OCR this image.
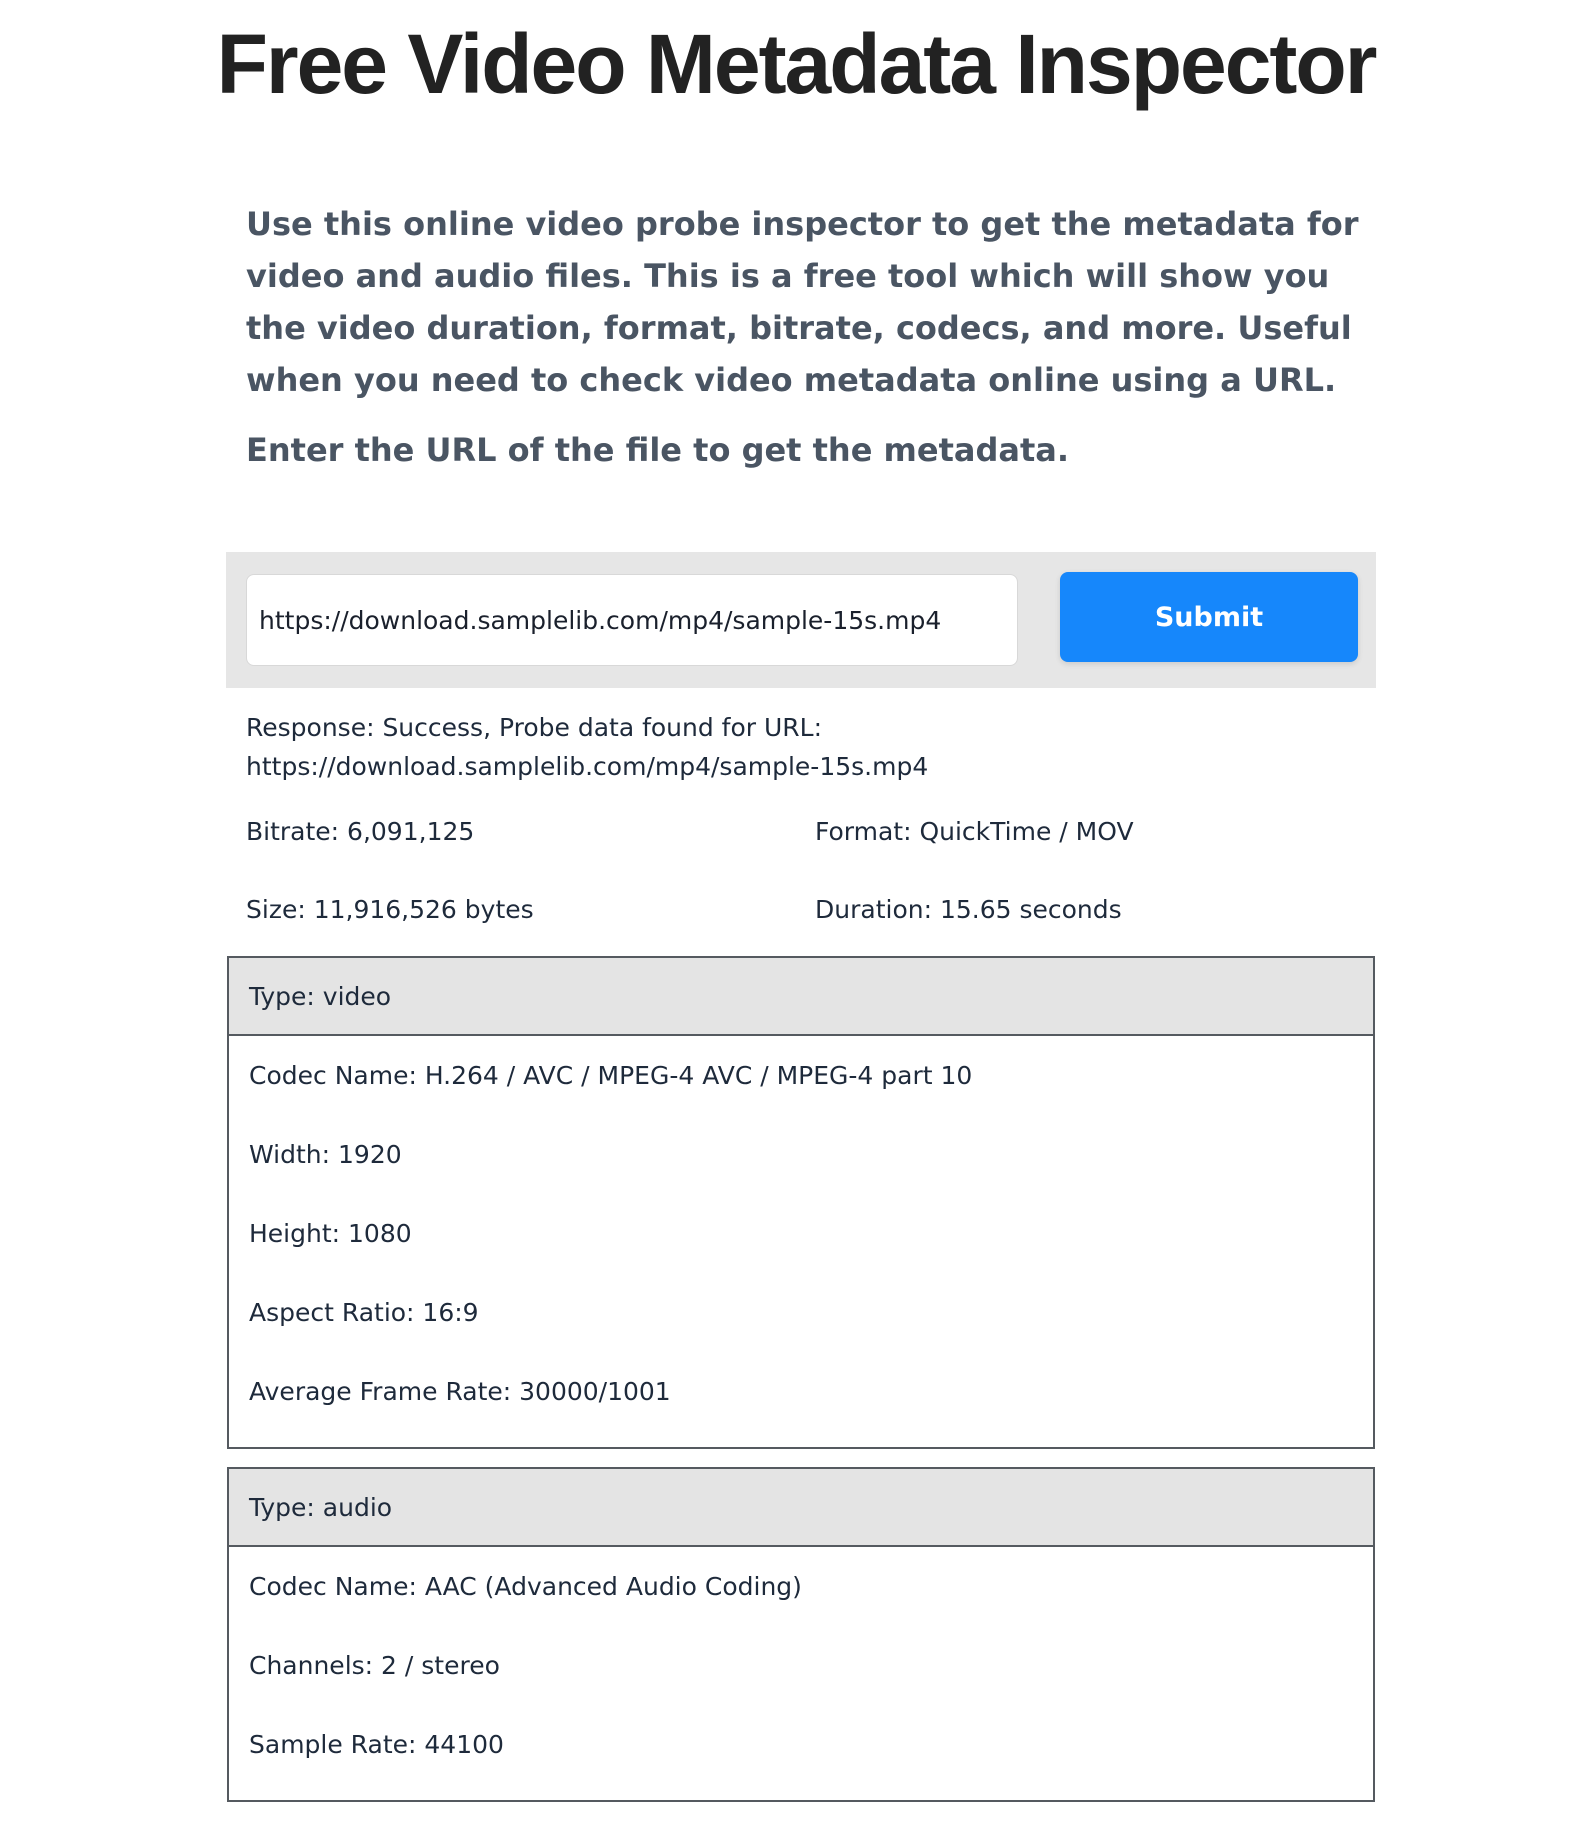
Free Video Metadata Inspector

Use this online video probe inspector to get the metadata for video and audio files. This is a free tool which will show you the video duration, format, bitrate, codecs, and more. Useful when you need to check video metadata online using a URL.

Enter the URL of the file to get the metadata.

https://download.samplelib.com/mp4/sample-15s.mp4
Submit

Response: Success, Probe data found for URL: https://download.samplelib.com/mp4/sample-15s.mp4

Bitrate: 6,091,125	Format: QuickTime / MOV

Size: 11,916,526 bytes	Duration: 15.65 seconds

Type: video
Codec Name: H.264 / AVC / MPEG-4 AVC / MPEG-4 part 10
Width: 1920
Height: 1080
Aspect Ratio: 16:9
Average Frame Rate: 30000/1001
Type: audio
Codec Name: AAC (Advanced Audio Coding)
Channels: 2 / stereo
Sample Rate: 44100
